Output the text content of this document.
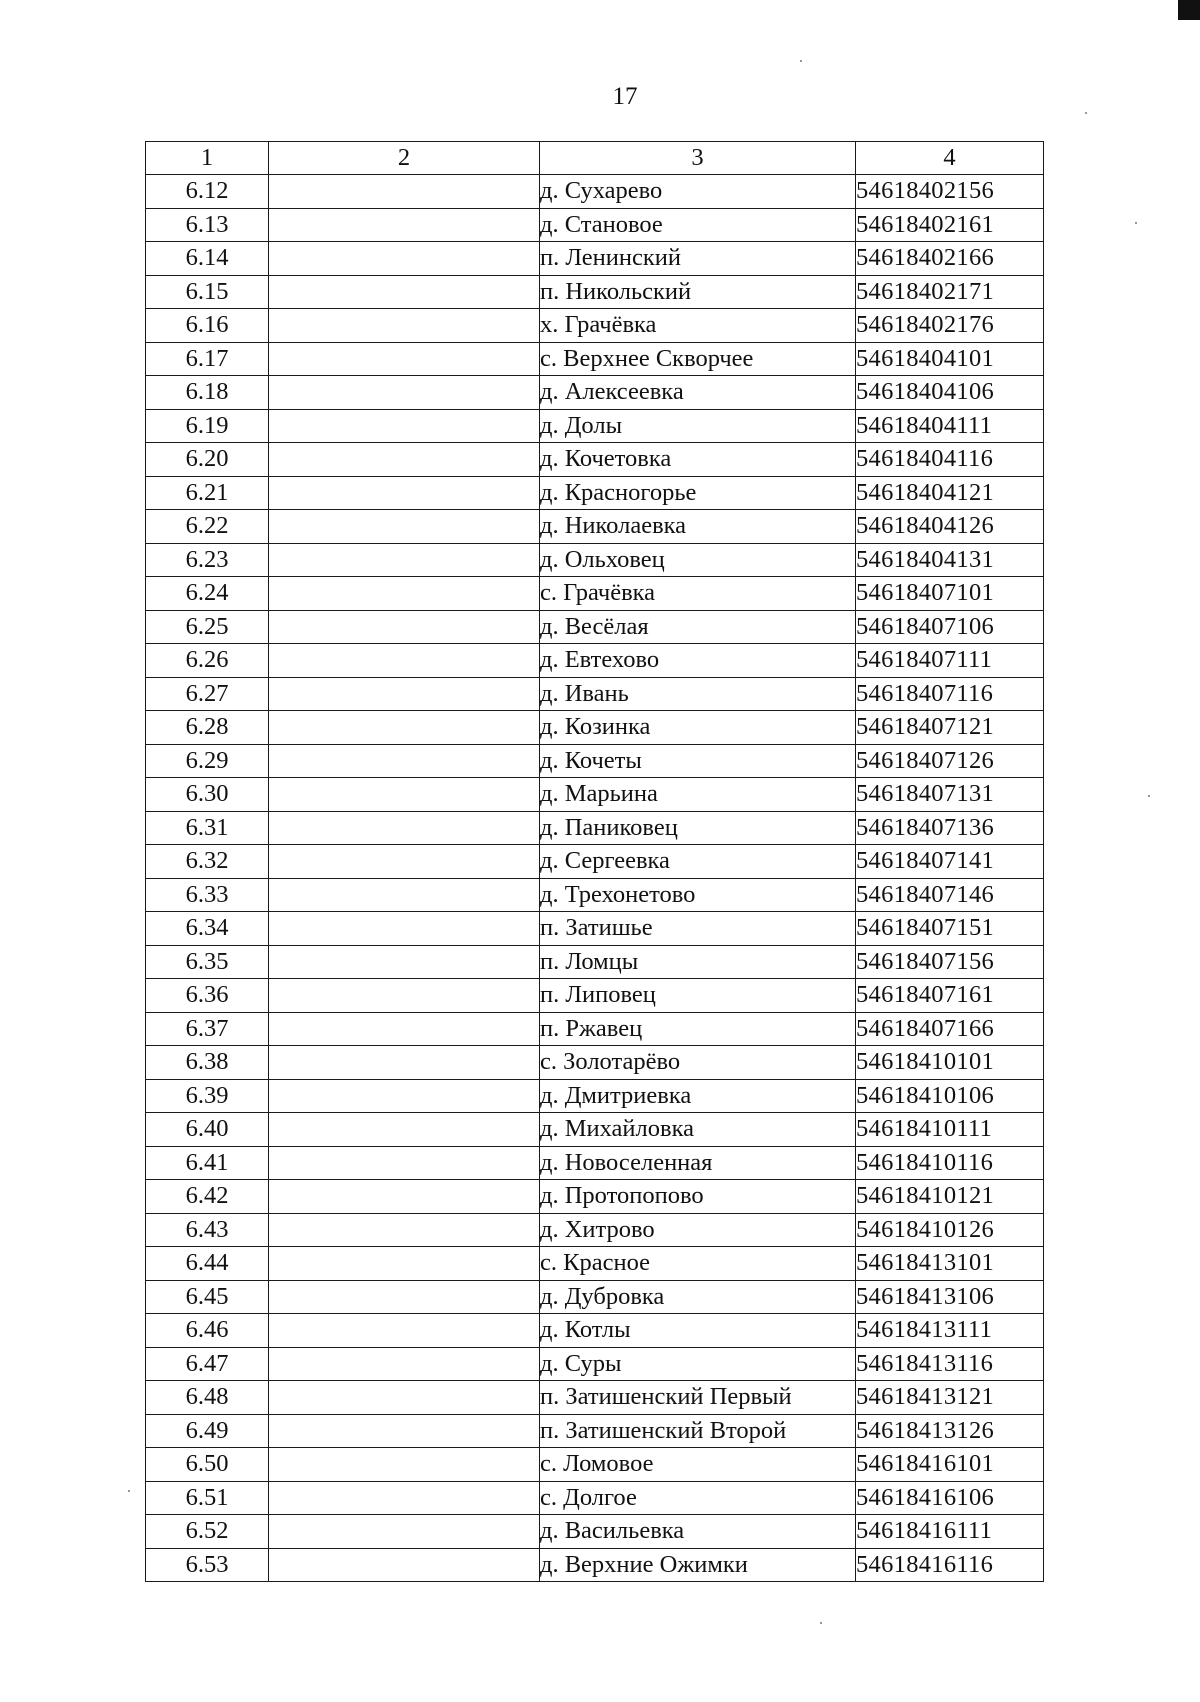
17
1	2	3	4
6.12		д. Сухарево	54618402156
6.13		д. Становое	54618402161
6.14		п. Ленинский	54618402166
6.15		п. Никольский	54618402171
6.16		х. Грачёвка	54618402176
6.17		с. Верхнее Скворчее	54618404101
6.18		д. Алексеевка	54618404106
6.19		д. Долы	54618404111
6.20		д. Кочетовка	54618404116
6.21		д. Красногорье	54618404121
6.22		д. Николаевка	54618404126
6.23		д. Ольховец	54618404131
6.24		с. Грачёвка	54618407101
6.25		д. Весёлая	54618407106
6.26		д. Евтехово	54618407111
6.27		д. Ивань	54618407116
6.28		д. Козинка	54618407121
6.29		д. Кочеты	54618407126
6.30		д. Марьина	54618407131
6.31		д. Паниковец	54618407136
6.32		д. Сергеевка	54618407141
6.33		д. Трехонетово	54618407146
6.34		п. Затишье	54618407151
6.35		п. Ломцы	54618407156
6.36		п. Липовец	54618407161
6.37		п. Ржавец	54618407166
6.38		с. Золотарёво	54618410101
6.39		д. Дмитриевка	54618410106
6.40		д. Михайловка	54618410111
6.41		д. Новоселенная	54618410116
6.42		д. Протопопово	54618410121
6.43		д. Хитрово	54618410126
6.44		с. Красное	54618413101
6.45		д. Дубровка	54618413106
6.46		д. Котлы	54618413111
6.47		д. Суры	54618413116
6.48		п. Затишенский Первый	54618413121
6.49		п. Затишенский Второй	54618413126
6.50		с. Ломовое	54618416101
6.51		с. Долгое	54618416106
6.52		д. Васильевка	54618416111
6.53		д. Верхние Ожимки	54618416116
